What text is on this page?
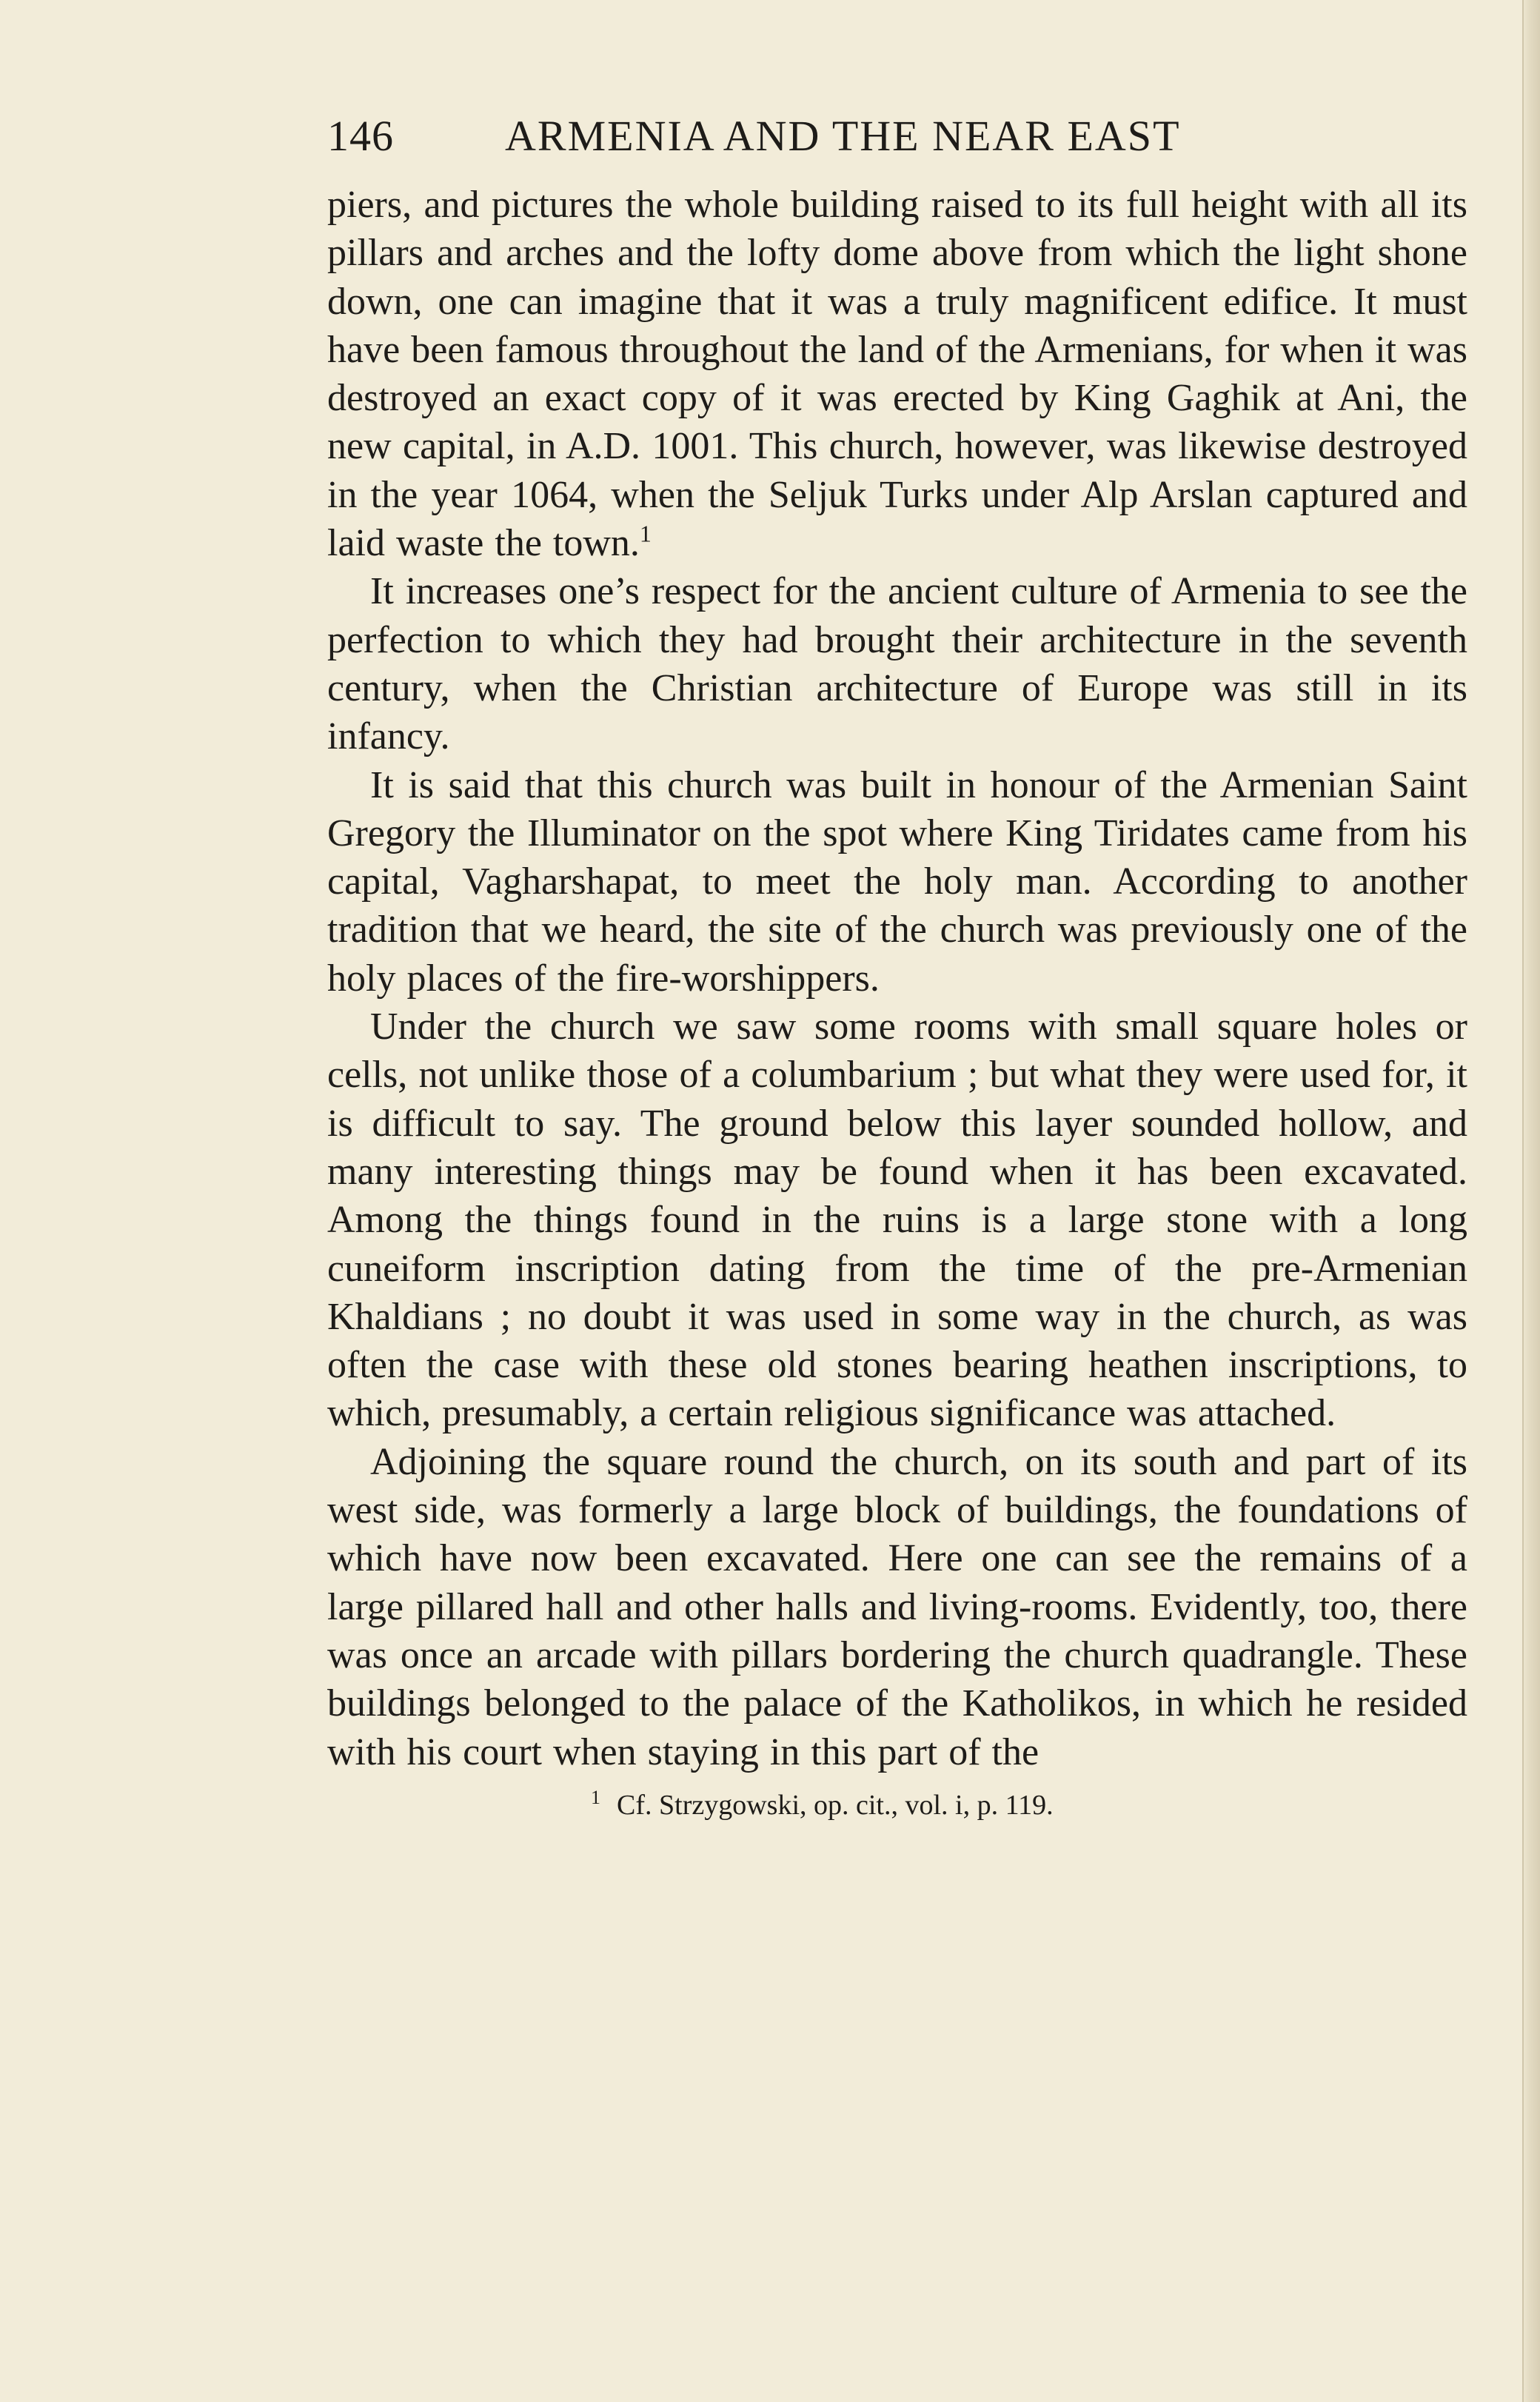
146	ARMENIA AND THE NEAR EAST

piers, and pictures the whole building raised to its full height with all its pillars and arches and the lofty dome above from which the light shone down, one can imagine that it was a truly magnificent edifice. It must have been famous throughout the land of the Armenians, for when it was destroyed an exact copy of it was erected by King Gaghik at Ani, the new capital, in A.D. 1001. This church, however, was likewise destroyed in the year 1064, when the Seljuk Turks under Alp Arslan captured and laid waste the town.$^1$

It increases one’s respect for the ancient culture of Armenia to see the perfection to which they had brought their architecture in the seventh century, when the Christian architecture of Europe was still in its infancy.

It is said that this church was built in honour of the Armenian Saint Gregory the Illuminator on the spot where King Tiridates came from his capital, Vagharshapat, to meet the holy man. According to another tradition that we heard, the site of the church was previously one of the holy places of the fire-worshippers.

Under the church we saw some rooms with small square holes or cells, not unlike those of a columbarium ; but what they were used for, it is difficult to say. The ground below this layer sounded hollow, and many interesting things may be found when it has been excavated. Among the things found in the ruins is a large stone with a long cuneiform inscription dating from the time of the pre-Armenian Khaldians ; no doubt it was used in some way in the church, as was often the case with these old stones bearing heathen inscriptions, to which, presumably, a certain religious significance was attached.

Adjoining the square round the church, on its south and part of its west side, was formerly a large block of buildings, the foundations of which have now been excavated. Here one can see the remains of a large pillared hall and other halls and living-rooms. Evidently, too, there was once an arcade with pillars bordering the church quadrangle. These buildings belonged to the palace of the Katholikos, in which he resided with his court when staying in this part of the

$^1$ Cf. Strzygowski, op. cit., vol. i, p. 119.
